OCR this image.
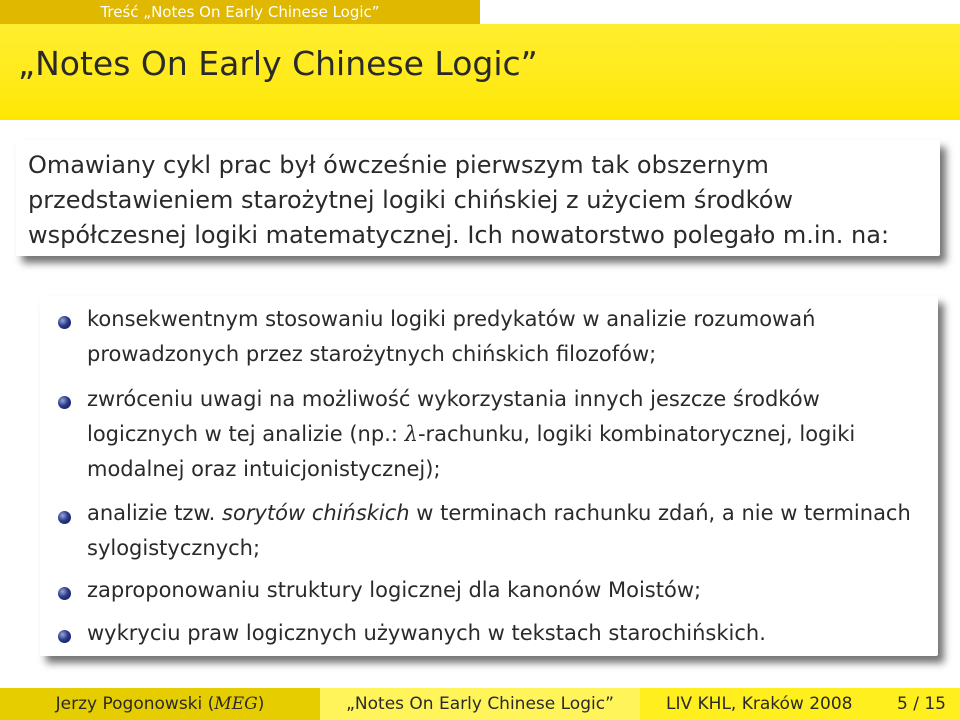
Treść „Notes On Early Chinese Logic”
„Notes On Early Chinese Logic”

Omawiany cykl prac był ówcześnie pierwszym tak obszernym przedstawieniem starożytnej logiki chińskiej z użyciem środków współczesnej logiki matematycznej. Ich nowatorstwo polegało m.in. na:

konsekwentnym stosowaniu logiki predykatów w analizie rozumowań prowadzonych przez starożytnych chińskich filozofów;
zwróceniu uwagi na możliwość wykorzystania innych jeszcze środków logicznych w tej analizie (np.: λ-rachunku, logiki kombinatorycznej, logiki modalnej oraz intuicjonistycznej);
analizie tzw. sorytów chińskich w terminach rachunku zdań, a nie w terminach sylogistycznych;
zaproponowaniu struktury logicznej dla kanonów Moistów;
wykryciu praw logicznych używanych w tekstach starochińskich.
Jerzy Pogonowski (MEG)	„Notes On Early Chinese Logic”	LIV KHL, Kraków 2008	5 / 15
